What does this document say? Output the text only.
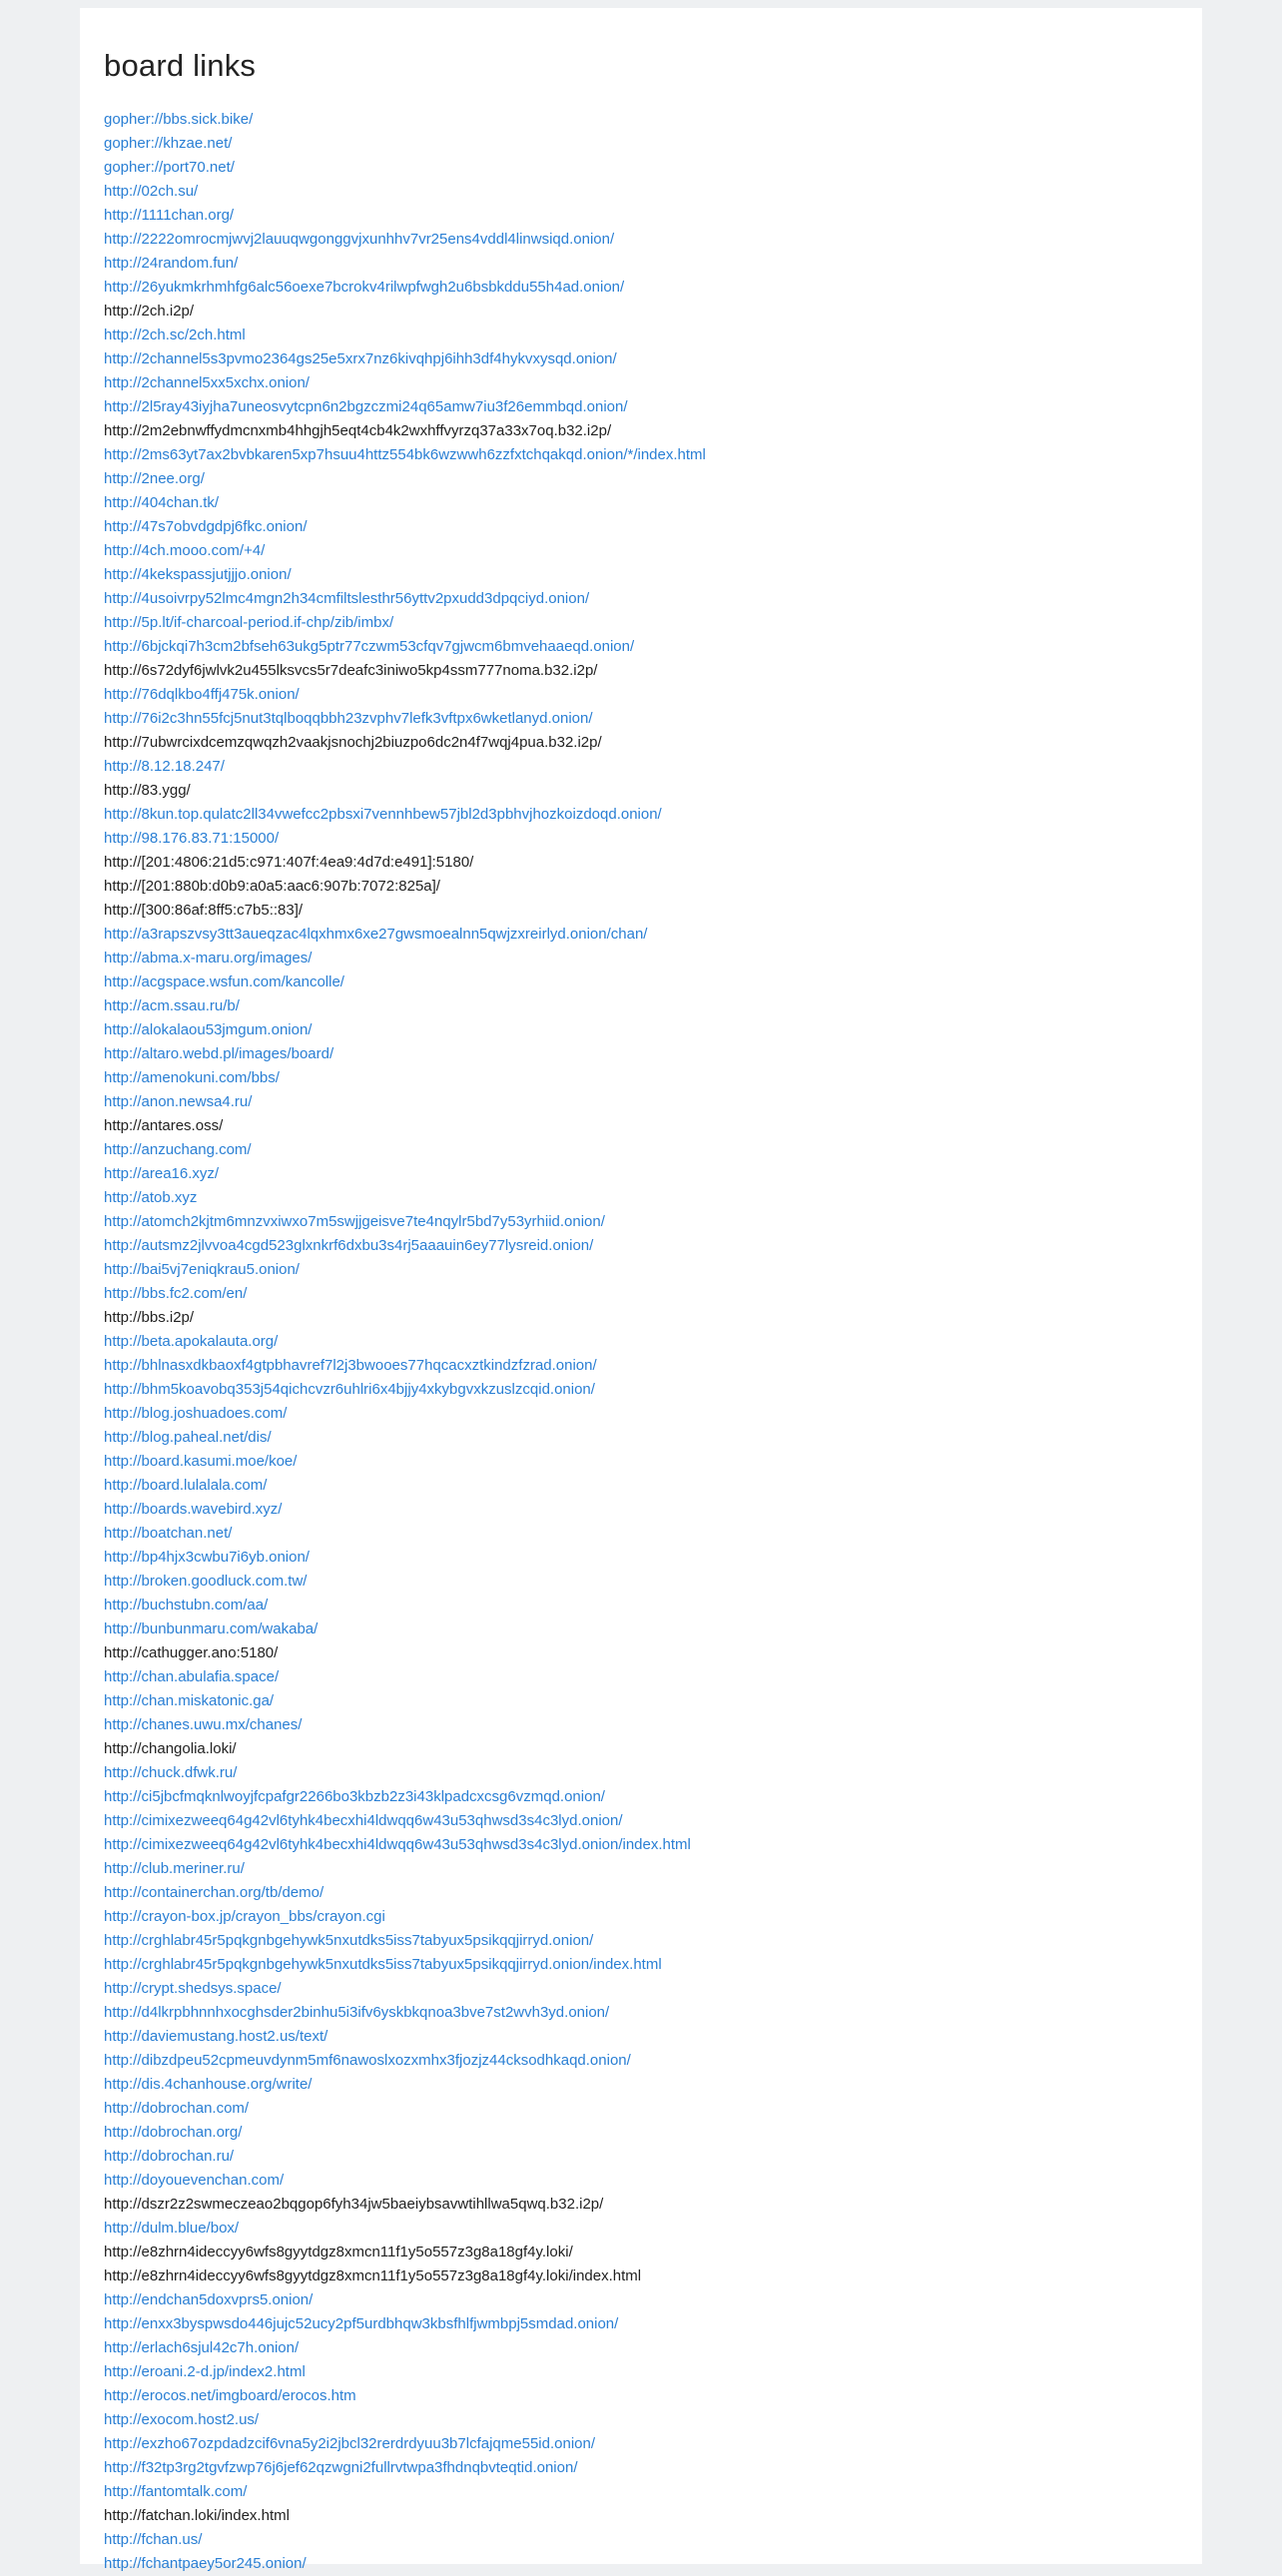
board links
gopher://bbs.sick.bike/
gopher://khzae.net/
gopher://port70.net/
http://02ch.su/
http://1111chan.org/
http://2222omrocmjwvj2lauuqwgonggvjxunhhv7vr25ens4vddl4linwsiqd.onion/
http://24random.fun/
http://26yukmkrhmhfg6alc56oexe7bcrokv4rilwpfwgh2u6bsbkddu55h4ad.onion/
http://2ch.i2p/
http://2ch.sc/2ch.html
http://2channel5s3pvmo2364gs25e5xrx7nz6kivqhpj6ihh3df4hykvxysqd.onion/
http://2channel5xx5xchx.onion/
http://2l5ray43iyjha7uneosvytcpn6n2bgzczmi24q65amw7iu3f26emmbqd.onion/
http://2m2ebnwffydmcnxmb4hhgjh5eqt4cb4k2wxhffvyrzq37a33x7oq.b32.i2p/
http://2ms63yt7ax2bvbkaren5xp7hsuu4httz554bk6wzwwh6zzfxtchqakqd.onion/*/index.html
http://2nee.org/
http://404chan.tk/
http://47s7obvdgdpj6fkc.onion/
http://4ch.mooo.com/+4/
http://4kekspassjutjjjo.onion/
http://4usoivrpy52lmc4mgn2h34cmfiltslesthr56yttv2pxudd3dpqciyd.onion/
http://5p.lt/if-charcoal-period.if-chp/zib/imbx/
http://6bjckqi7h3cm2bfseh63ukg5ptr77czwm53cfqv7gjwcm6bmvehaaeqd.onion/
http://6s72dyf6jwlvk2u455lksvcs5r7deafc3iniwo5kp4ssm777noma.b32.i2p/
http://76dqlkbo4ffj475k.onion/
http://76i2c3hn55fcj5nut3tqlboqqbbh23zvphv7lefk3vftpx6wketlanyd.onion/
http://7ubwrcixdcemzqwqzh2vaakjsnochj2biuzpo6dc2n4f7wqj4pua.b32.i2p/
http://8.12.18.247/
http://83.ygg/
http://8kun.top.qulatc2ll34vwefcc2pbsxi7vennhbew57jbl2d3pbhvjhozkoizdoqd.onion/
http://98.176.83.71:15000/
http://[201:4806:21d5:c971:407f:4ea9:4d7d:e491]:5180/
http://[201:880b:d0b9:a0a5:aac6:907b:7072:825a]/
http://[300:86af:8ff5:c7b5::83]/
http://a3rapszvsy3tt3aueqzac4lqxhmx6xe27gwsmoealnn5qwjzxreirlyd.onion/chan/
http://abma.x-maru.org/images/
http://acgspace.wsfun.com/kancolle/
http://acm.ssau.ru/b/
http://alokalaou53jmgum.onion/
http://altaro.webd.pl/images/board/
http://amenokuni.com/bbs/
http://anon.newsa4.ru/
http://antares.oss/
http://anzuchang.com/
http://area16.xyz/
http://atob.xyz
http://atomch2kjtm6mnzvxiwxo7m5swjjgeisve7te4nqylr5bd7y53yrhiid.onion/
http://autsmz2jlvvoa4cgd523glxnkrf6dxbu3s4rj5aaauin6ey77lysreid.onion/
http://bai5vj7eniqkrau5.onion/
http://bbs.fc2.com/en/
http://bbs.i2p/
http://beta.apokalauta.org/
http://bhlnasxdkbaoxf4gtpbhavref7l2j3bwooes77hqcacxztkindzfzrad.onion/
http://bhm5koavobq353j54qichcvzr6uhlri6x4bjjy4xkybgvxkzuslzcqid.onion/
http://blog.joshuadoes.com/
http://blog.paheal.net/dis/
http://board.kasumi.moe/koe/
http://board.lulalala.com/
http://boards.wavebird.xyz/
http://boatchan.net/
http://bp4hjx3cwbu7i6yb.onion/
http://broken.goodluck.com.tw/
http://buchstubn.com/aa/
http://bunbunmaru.com/wakaba/
http://cathugger.ano:5180/
http://chan.abulafia.space/
http://chan.miskatonic.ga/
http://chanes.uwu.mx/chanes/
http://changolia.loki/
http://chuck.dfwk.ru/
http://ci5jbcfmqknlwoyjfcpafgr2266bo3kbzb2z3i43klpadcxcsg6vzmqd.onion/
http://cimixezweeq64g42vl6tyhk4becxhi4ldwqq6w43u53qhwsd3s4c3lyd.onion/
http://cimixezweeq64g42vl6tyhk4becxhi4ldwqq6w43u53qhwsd3s4c3lyd.onion/index.html
http://club.meriner.ru/
http://containerchan.org/tb/demo/
http://crayon-box.jp/crayon_bbs/crayon.cgi
http://crghlabr45r5pqkgnbgehywk5nxutdks5iss7tabyux5psikqqjirryd.onion/
http://crghlabr45r5pqkgnbgehywk5nxutdks5iss7tabyux5psikqqjirryd.onion/index.html
http://crypt.shedsys.space/
http://d4lkrpbhnnhxocghsder2binhu5i3ifv6yskbkqnoa3bve7st2wvh3yd.onion/
http://daviemustang.host2.us/text/
http://dibzdpeu52cpmeuvdynm5mf6nawoslxozxmhx3fjozjz44cksodhkaqd.onion/
http://dis.4chanhouse.org/write/
http://dobrochan.com/
http://dobrochan.org/
http://dobrochan.ru/
http://doyouevenchan.com/
http://dszr2z2swmeczeao2bqgop6fyh34jw5baeiybsavwtihllwa5qwq.b32.i2p/
http://dulm.blue/box/
http://e8zhrn4ideccyy6wfs8gyytdgz8xmcn11f1y5o557z3g8a18gf4y.loki/
http://e8zhrn4ideccyy6wfs8gyytdgz8xmcn11f1y5o557z3g8a18gf4y.loki/index.html
http://endchan5doxvprs5.onion/
http://enxx3byspwsdo446jujc52ucy2pf5urdbhqw3kbsfhlfjwmbpj5smdad.onion/
http://erlach6sjul42c7h.onion/
http://eroani.2-d.jp/index2.html
http://erocos.net/imgboard/erocos.htm
http://exocom.host2.us/
http://exzho67ozpdadzcif6vna5y2i2jbcl32rerdrdyuu3b7lcfajqme55id.onion/
http://f32tp3rg2tgvfzwp76j6jef62qzwgni2fullrvtwpa3fhdnqbvteqtid.onion/
http://fantomtalk.com/
http://fatchan.loki/index.html
http://fchan.us/
http://fchantpaey5or245.onion/
